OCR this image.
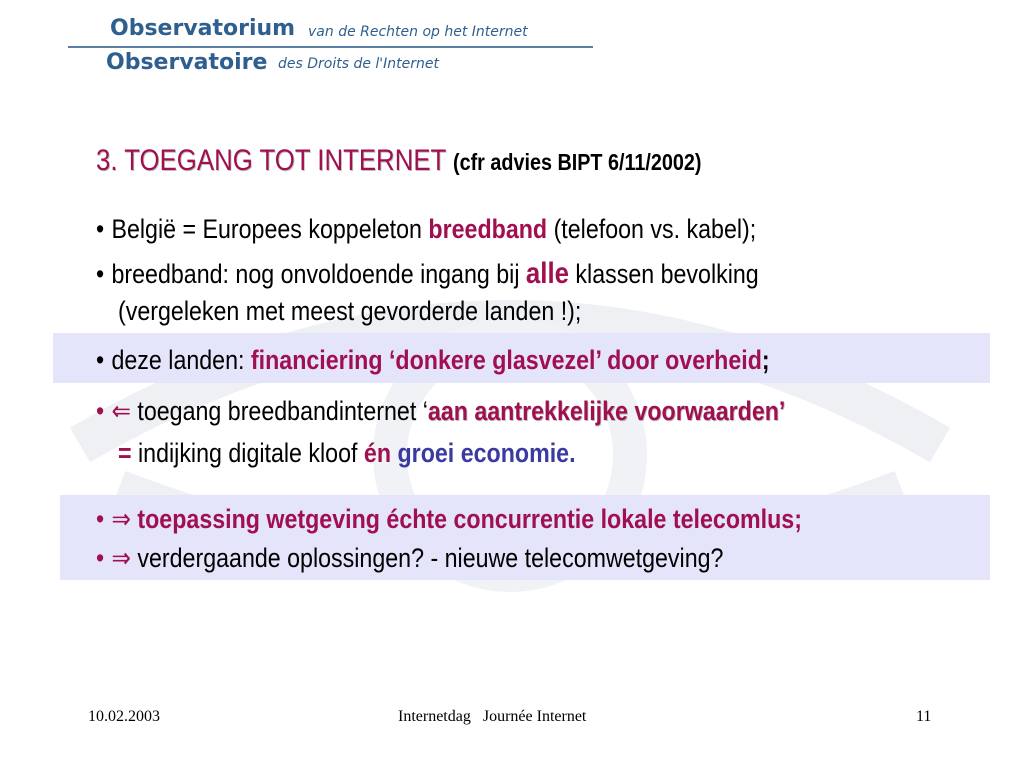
Observatorium van de Rechten op het Internet
Observatoire des Droits de l'Internet
3. TOEGANG TOT INTERNET (cfr advies BIPT 6/11/2002)
• België = Europees koppeleton breedband (telefoon vs. kabel);
• breedband: nog onvoldoende ingang bij alle klassen bevolking
(vergeleken met meest gevorderde landen !);
• deze landen: financiering ‘donkere glasvezel’ door overheid;
• ⇐ toegang breedbandinternet ‘aan aantrekkelijke voorwaarden’
= indijking digitale kloof én groei economie.
• ⇒ toepassing wetgeving échte concurrentie lokale telecomlus;
• ⇒ verdergaande oplossingen? - nieuwe telecomwetgeving?
10.02.2003	Internetdag   Journée Internet	11
